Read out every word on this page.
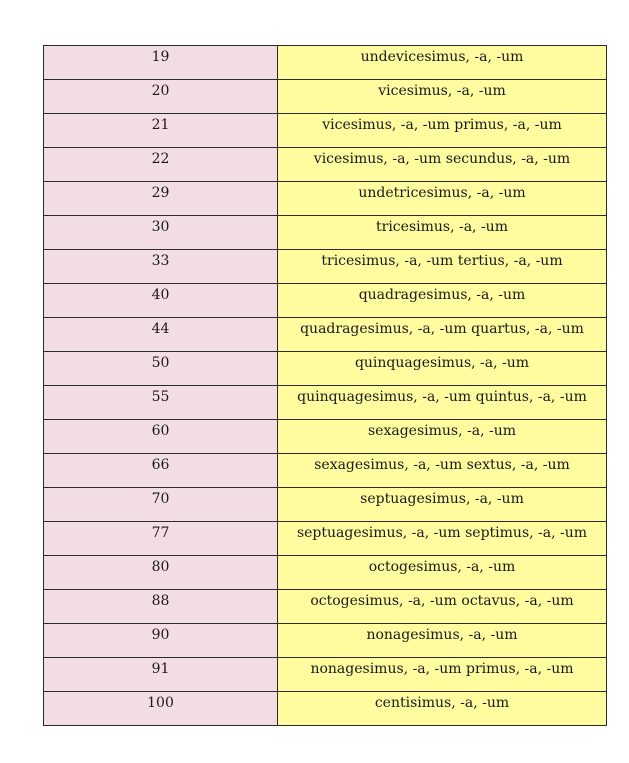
19	undevicesimus, -a, -um
20	vicesimus, -a, -um
21	vicesimus, -a, -um primus, -a, -um
22	vicesimus, -a, -um secundus, -a, -um
29	undetricesimus, -a, -um
30	tricesimus, -a, -um
33	tricesimus, -a, -um tertius, -a, -um
40	quadragesimus, -a, -um
44	quadragesimus, -a, -um quartus, -a, -um
50	quinquagesimus, -a, -um
55	quinquagesimus, -a, -um quintus, -a, -um
60	sexagesimus, -a, -um
66	sexagesimus, -a, -um sextus, -a, -um
70	septuagesimus, -a, -um
77	septuagesimus, -a, -um septimus, -a, -um
80	octogesimus, -a, -um
88	octogesimus, -a, -um octavus, -a, -um
90	nonagesimus, -a, -um
91	nonagesimus, -a, -um primus, -a, -um
100	centisimus, -a, -um
